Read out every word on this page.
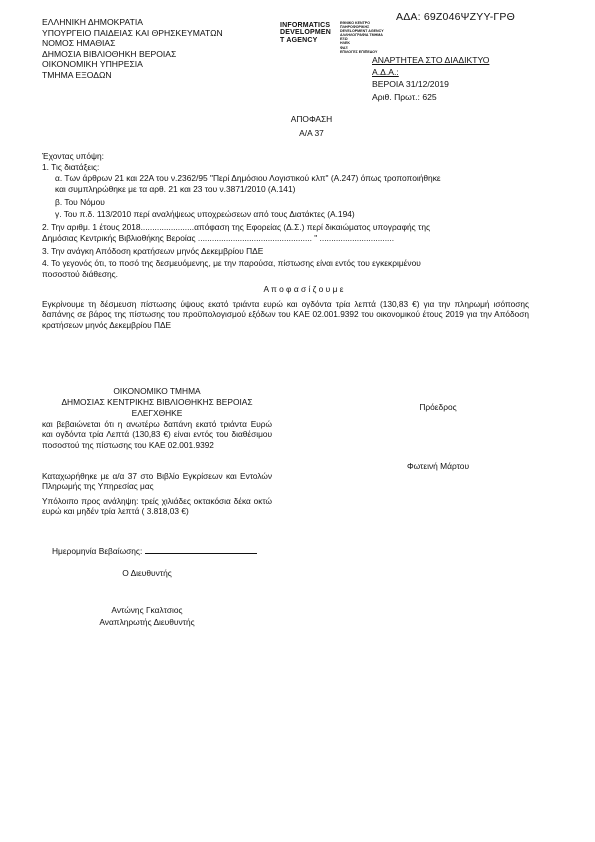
ΑΔΑ: 69Ζ046ΨΖΥΥ-ΓΡΘ
ΕΛΛΗΝΙΚΗ ΔΗΜΟΚΡΑΤΙΑ
ΥΠΟΥΡΓΕΙΟ ΠΑΙΔΕΙΑΣ ΚΑΙ ΘΡΗΣΚΕΥΜΑΤΩΝ
ΝΟΜΟΣ ΗΜΑΘΙΑΣ
ΔΗΜΟΣΙΑ ΒΙΒΛΙΟΘΗΚΗ ΒΕΡΟΙΑΣ
ΟΙΚΟΝΟΜΙΚΗ ΥΠΗΡΕΣΙΑ
ΤΜΗΜΑ ΕΞΟΔΩΝ
INFORMATICS
DEVELOPMEN
T AGENCY
ΕΘΝΙΚΟ ΚΕΝΤΡΟ
ΠΛΗΡΟΦΟΡΙΚΗΣ
DEVELOPMENT AGENCY
ΑΛΛΗΛΟΓΡΑΦΙΑ ΤΜΗΜΑ
ΕΞΩ
ΗΛΕΚ
ΦΑΞ
ΕΠΙΛΟΓΕΣ ΕΠΙΠΕΔΟΥ
ΑΝΑΡΤΗΤΕΑ ΣΤΟ ΔΙΑΔΙΚΤΥΟ
Α.Δ.Α.:
ΒΕΡΟΙΑ 31/12/2019
Αριθ. Πρωτ.: 625
ΑΠΟΦΑΣΗ
Α/Α 37
Έχοντας υπόψη:
1. Τις διατάξεις:
α. Των άρθρων 21 και 22Α του ν.2362/95 "Περί Δημόσιου Λογιστικού κλπ" (Α.247) όπως τροποποιήθηκε
και συμπληρώθηκε με τα αρθ. 21 και 23 του ν.3871/2010 (Α.141)
β. Του Νόμου
γ. Του π.δ. 113/2010 περί αναλήψεως υποχρεώσεων από τους Διατάκτες (Α.194)
2. Την αριθμ. 1 έτους 2018.......................απόφαση της Εφορείας (Δ.Σ.) περί δικαιώματος υπογραφής της
Δημόσιας Κεντρικής Βιβλιοθήκης Βεροίας ................................................. " ................................
3. Την ανάγκη Απόδοση κρατήσεων μηνός Δεκεμβρίου ΠΔΕ
4. Το γεγονός ότι, το ποσό της δεσμευόμενης, με την παρούσα, πίστωσης είναι εντός του εγκεκριμένου
ποσοστού διάθεσης.
Α π ο φ α σ ί ζ ο υ μ ε
Εγκρίνουμε τη δέσμευση πίστωσης ύψους εκατό τριάντα ευρώ και ογδόντα τρία λεπτά (130,83 €) για την πληρωμή ισόποσης δαπάνης σε βάρος της πίστωσης του προϋπολογισμού εξόδων του ΚΑΕ 02.001.9392 του οικονομικού έτους 2019 για την Απόδοση κρατήσεων μηνός Δεκεμβρίου ΠΔΕ
ΟΙΚΟΝΟΜΙΚΟ ΤΜΗΜΑ
ΔΗΜΟΣΙΑΣ ΚΕΝΤΡΙΚΗΣ ΒΙΒΛΙΟΘΗΚΗΣ ΒΕΡΟΙΑΣ
ΕΛΕΓΧΘΗΚΕ
και βεβαιώνεται ότι η ανωτέρω δαπάνη εκατό τριάντα Ευρώ και ογδόντα τρία Λεπτά (130,83 €) είναι εντός του διαθέσιμου ποσοστού της πίστωσης του ΚΑΕ 02.001.9392
Καταχωρήθηκε με α/α 37 στο Βιβλίο Εγκρίσεων και Εντολών Πληρωμής της Υπηρεσίας μας
Υπόλοιπο προς ανάληψη: τρείς χιλιάδες οκτακόσια δέκα οκτώ ευρώ και μηδέν τρία λεπτά ( 3.818,03 €)
Ημερομηνία Βεβαίωσης:
Ο Διευθυντής
Αντώνης Γκαλτσιος
Αναπληρωτής Διευθυντής
Πρόεδρος
Φωτεινή Μάρτου
